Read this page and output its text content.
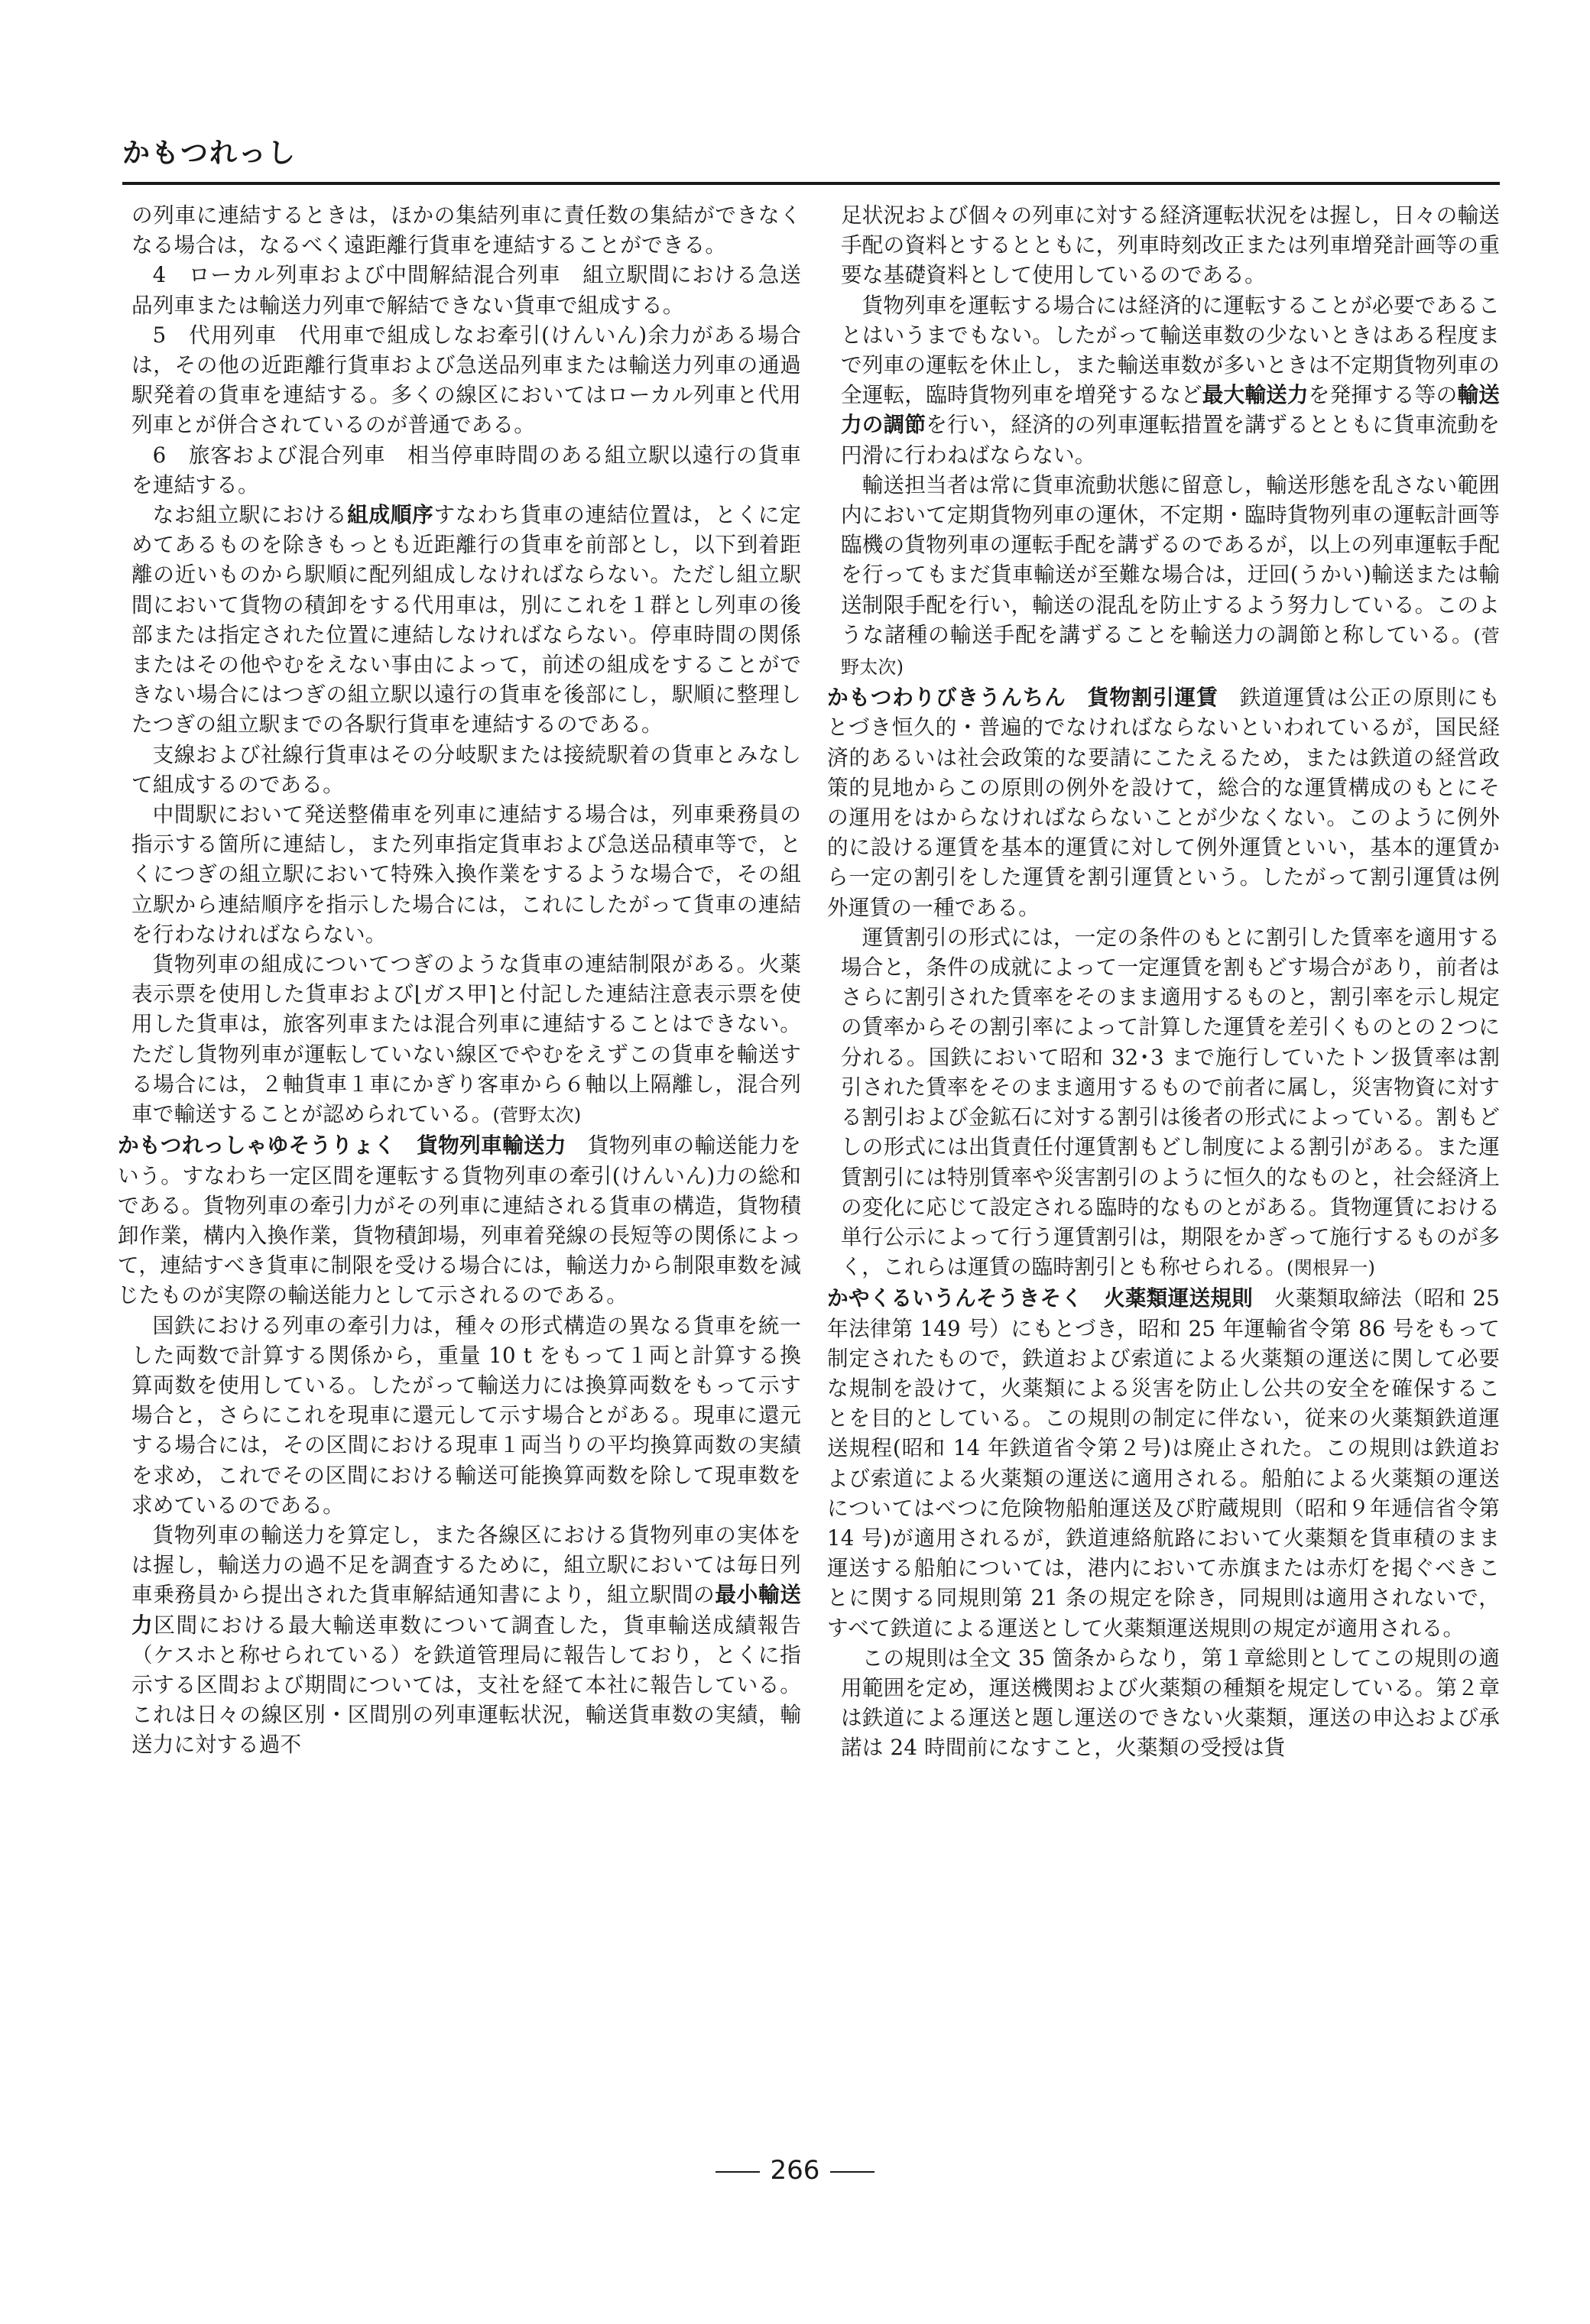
かもつれっし

の列車に連結するときは，ほかの集結列車に責任数の集結ができなくなる場合は，なるべく遠距離行貨車を連結することができる。

4　ローカル列車および中間解結混合列車　組立駅間における急送品列車または輸送力列車で解結できない貨車で組成する。

5　代用列車　代用車で組成しなお牽引(けんいん)余力がある場合は，その他の近距離行貨車および急送品列車または輸送力列車の通過駅発着の貨車を連結する。多くの線区においてはローカル列車と代用列車とが併合されているのが普通である。

6　旅客および混合列車　相当停車時間のある組立駅以遠行の貨車を連結する。

なお組立駅における組成順序すなわち貨車の連結位置は，とくに定めてあるものを除きもっとも近距離行の貨車を前部とし，以下到着距離の近いものから駅順に配列組成しなければならない。ただし組立駅間において貨物の積卸をする代用車は，別にこれを１群とし列車の後部または指定された位置に連結しなければならない。停車時間の関係またはその他やむをえない事由によって，前述の組成をすることができない場合にはつぎの組立駅以遠行の貨車を後部にし，駅順に整理したつぎの組立駅までの各駅行貨車を連結するのである。

支線および社線行貨車はその分岐駅または接続駅着の貨車とみなして組成するのである。

中間駅において発送整備車を列車に連結する場合は，列車乗務員の指示する箇所に連結し，また列車指定貨車および急送品積車等で，とくにつぎの組立駅において特殊入換作業をするような場合で，その組立駅から連結順序を指示した場合には，これにしたがって貨車の連結を行わなければならない。

貨物列車の組成についてつぎのような貨車の連結制限がある。火薬表示票を使用した貨車および⌊ガス甲⌉と付記した連結注意表示票を使用した貨車は，旅客列車または混合列車に連結することはできない。ただし貨物列車が運転していない線区でやむをえずこの貨車を輸送する場合には，２軸貨車１車にかぎり客車から６軸以上隔離し，混合列車で輸送することが認められている。(菅野太次)

かもつれっしゃゆそうりょく　 貨物列車輸送力　 貨物列車の輸送能力をいう。すなわち一定区間を運転する貨物列車の牽引(けんいん)力の総和である。貨物列車の牽引力がその列車に連結される貨車の構造，貨物積卸作業，構内入換作業，貨物積卸場，列車着発線の長短等の関係によって，連結すべき貨車に制限を受ける場合には，輸送力から制限車数を減じたものが実際の輸送能力として示されるのである。

国鉄における列車の牽引力は，種々の形式構造の異なる貨車を統一した両数で計算する関係から，重量 10 t をもって１両と計算する換算両数を使用している。したがって輸送力には換算両数をもって示す場合と，さらにこれを現車に還元して示す場合とがある。現車に還元する場合には，その区間における現車１両当りの平均換算両数の実績を求め，これでその区間における輸送可能換算両数を除して現車数を求めているのである。

貨物列車の輸送力を算定し，また各線区における貨物列車の実体をは握し，輸送力の過不足を調査するために，組立駅においては毎日列車乗務員から提出された貨車解結通知書により，組立駅間の最小輸送力区間における最大輸送車数について調査した，貨車輸送成績報告（ケスホと称せられている）を鉄道管理局に報告しており，とくに指示する区間および期間については，支社を経て本社に報告している。これは日々の線区別・区間別の列車運転状況，輸送貨車数の実績，輸送力に対する過不

足状況および個々の列車に対する経済運転状況をは握し，日々の輸送手配の資料とするとともに，列車時刻改正または列車増発計画等の重要な基礎資料として使用しているのである。

貨物列車を運転する場合には経済的に運転することが必要であることはいうまでもない。したがって輸送車数の少ないときはある程度まで列車の運転を休止し，また輸送車数が多いときは不定期貨物列車の全運転，臨時貨物列車を増発するなど最大輸送力を発揮する等の輸送力の調節を行い，経済的の列車運転措置を講ずるとともに貨車流動を円滑に行わねばならない。

輸送担当者は常に貨車流動状態に留意し，輸送形態を乱さない範囲内において定期貨物列車の運休，不定期・臨時貨物列車の運転計画等臨機の貨物列車の運転手配を講ずるのであるが，以上の列車運転手配を行ってもまだ貨車輸送が至難な場合は，迂回(うかい)輸送または輸送制限手配を行い，輸送の混乱を防止するよう努力している。このような諸種の輸送手配を講ずることを輸送力の調節と称している。(菅野太次)

かもつわりびきうんちん　 貨物割引運賃　 鉄道運賃は公正の原則にもとづき恒久的・普遍的でなければならないといわれているが，国民経済的あるいは社会政策的な要請にこたえるため，または鉄道の経営政策的見地からこの原則の例外を設けて，総合的な運賃構成のもとにその運用をはからなければならないことが少なくない。このように例外的に設ける運賃を基本的運賃に対して例外運賃といい，基本的運賃から一定の割引をした運賃を割引運賃という。したがって割引運賃は例外運賃の一種である。

運賃割引の形式には，一定の条件のもとに割引した賃率を適用する場合と，条件の成就によって一定運賃を割もどす場合があり，前者はさらに割引された賃率をそのまま適用するものと，割引率を示し規定の賃率からその割引率によって計算した運賃を差引くものとの２つに分れる。国鉄において昭和 32･3 まで施行していたトン扱賃率は割引された賃率をそのまま適用するもので前者に属し，災害物資に対する割引および金鉱石に対する割引は後者の形式によっている。割もどしの形式には出貨責任付運賃割もどし制度による割引がある。また運賃割引には特別賃率や災害割引のように恒久的なものと，社会経済上の変化に応じて設定される臨時的なものとがある。貨物運賃における単行公示によって行う運賃割引は，期限をかぎって施行するものが多く，これらは運賃の臨時割引とも称せられる。(関根昇一)

かやくるいうんそうきそく　 火薬類運送規則　 火薬類取締法（昭和 25 年法律第 149 号）にもとづき，昭和 25 年運輸省令第 86 号をもって制定されたもので，鉄道および索道による火薬類の運送に関して必要な規制を設けて，火薬類による災害を防止し公共の安全を確保することを目的としている。この規則の制定に伴ない，従来の火薬類鉄道運送規程(昭和 14 年鉄道省令第２号)は廃止された。この規則は鉄道および索道による火薬類の運送に適用される。船舶による火薬類の運送についてはべつに危険物船舶運送及び貯蔵規則（昭和９年逓信省令第 14 号)が適用されるが，鉄道連絡航路において火薬類を貨車積のまま運送する船舶については，港内において赤旗または赤灯を掲ぐべきことに関する同規則第 21 条の規定を除き，同規則は適用されないで，すべて鉄道による運送として火薬類運送規則の規定が適用される。

この規則は全文 35 箇条からなり，第１章総則としてこの規則の適用範囲を定め，運送機関および火薬類の種類を規定している。第２章は鉄道による運送と題し運送のできない火薬類，運送の申込および承諾は 24 時間前になすこと，火薬類の受授は貨

266
